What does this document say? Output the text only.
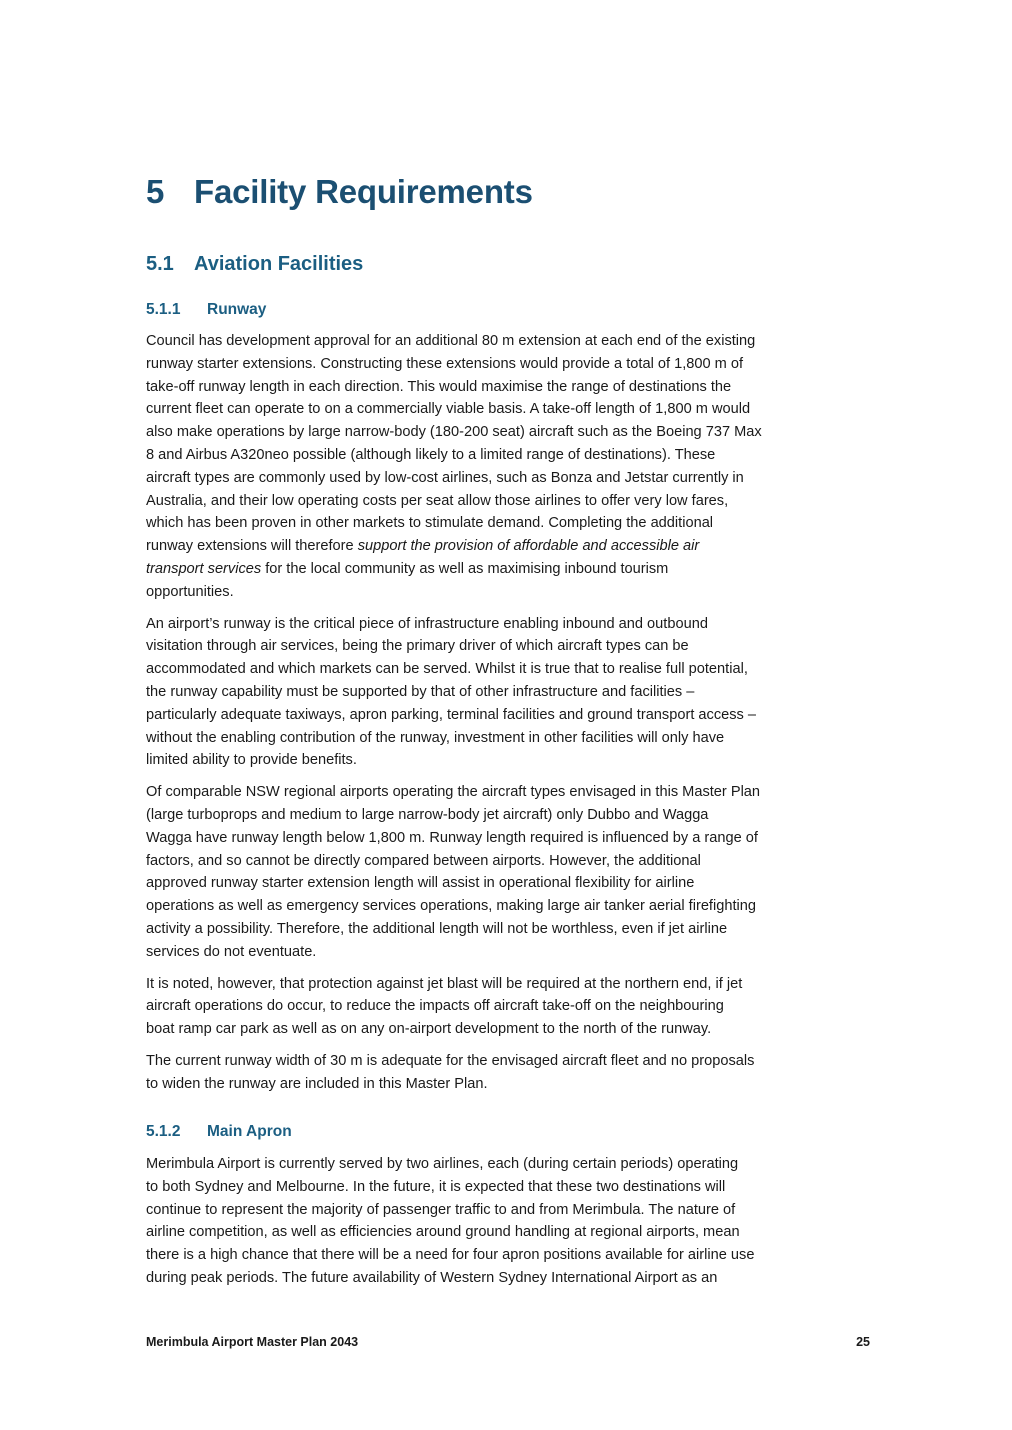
5 Facility Requirements
5.1 Aviation Facilities
5.1.1 Runway

Council has development approval for an additional 80 m extension at each end of the existing
runway starter extensions. Constructing these extensions would provide a total of 1,800 m of
take-off runway length in each direction. This would maximise the range of destinations the
current fleet can operate to on a commercially viable basis. A take-off length of 1,800 m would
also make operations by large narrow-body (180-200 seat) aircraft such as the Boeing 737 Max
8 and Airbus A320neo possible (although likely to a limited range of destinations). These
aircraft types are commonly used by low-cost airlines, such as Bonza and Jetstar currently in
Australia, and their low operating costs per seat allow those airlines to offer very low fares,
which has been proven in other markets to stimulate demand. Completing the additional
runway extensions will therefore support the provision of affordable and accessible air
transport services for the local community as well as maximising inbound tourism
opportunities.

An airport’s runway is the critical piece of infrastructure enabling inbound and outbound
visitation through air services, being the primary driver of which aircraft types can be
accommodated and which markets can be served. Whilst it is true that to realise full potential,
the runway capability must be supported by that of other infrastructure and facilities –
particularly adequate taxiways, apron parking, terminal facilities and ground transport access –
without the enabling contribution of the runway, investment in other facilities will only have
limited ability to provide benefits.

Of comparable NSW regional airports operating the aircraft types envisaged in this Master Plan
(large turboprops and medium to large narrow-body jet aircraft) only Dubbo and Wagga
Wagga have runway length below 1,800 m. Runway length required is influenced by a range of
factors, and so cannot be directly compared between airports. However, the additional
approved runway starter extension length will assist in operational flexibility for airline
operations as well as emergency services operations, making large air tanker aerial firefighting
activity a possibility. Therefore, the additional length will not be worthless, even if jet airline
services do not eventuate.

It is noted, however, that protection against jet blast will be required at the northern end, if jet
aircraft operations do occur, to reduce the impacts off aircraft take-off on the neighbouring
boat ramp car park as well as on any on-airport development to the north of the runway.

The current runway width of 30 m is adequate for the envisaged aircraft fleet and no proposals
to widen the runway are included in this Master Plan.

5.1.2 Main Apron

Merimbula Airport is currently served by two airlines, each (during certain periods) operating
to both Sydney and Melbourne. In the future, it is expected that these two destinations will
continue to represent the majority of passenger traffic to and from Merimbula. The nature of
airline competition, as well as efficiencies around ground handling at regional airports, mean
there is a high chance that there will be a need for four apron positions available for airline use
during peak periods. The future availability of Western Sydney International Airport as an

Merimbula Airport Master Plan 2043	25
